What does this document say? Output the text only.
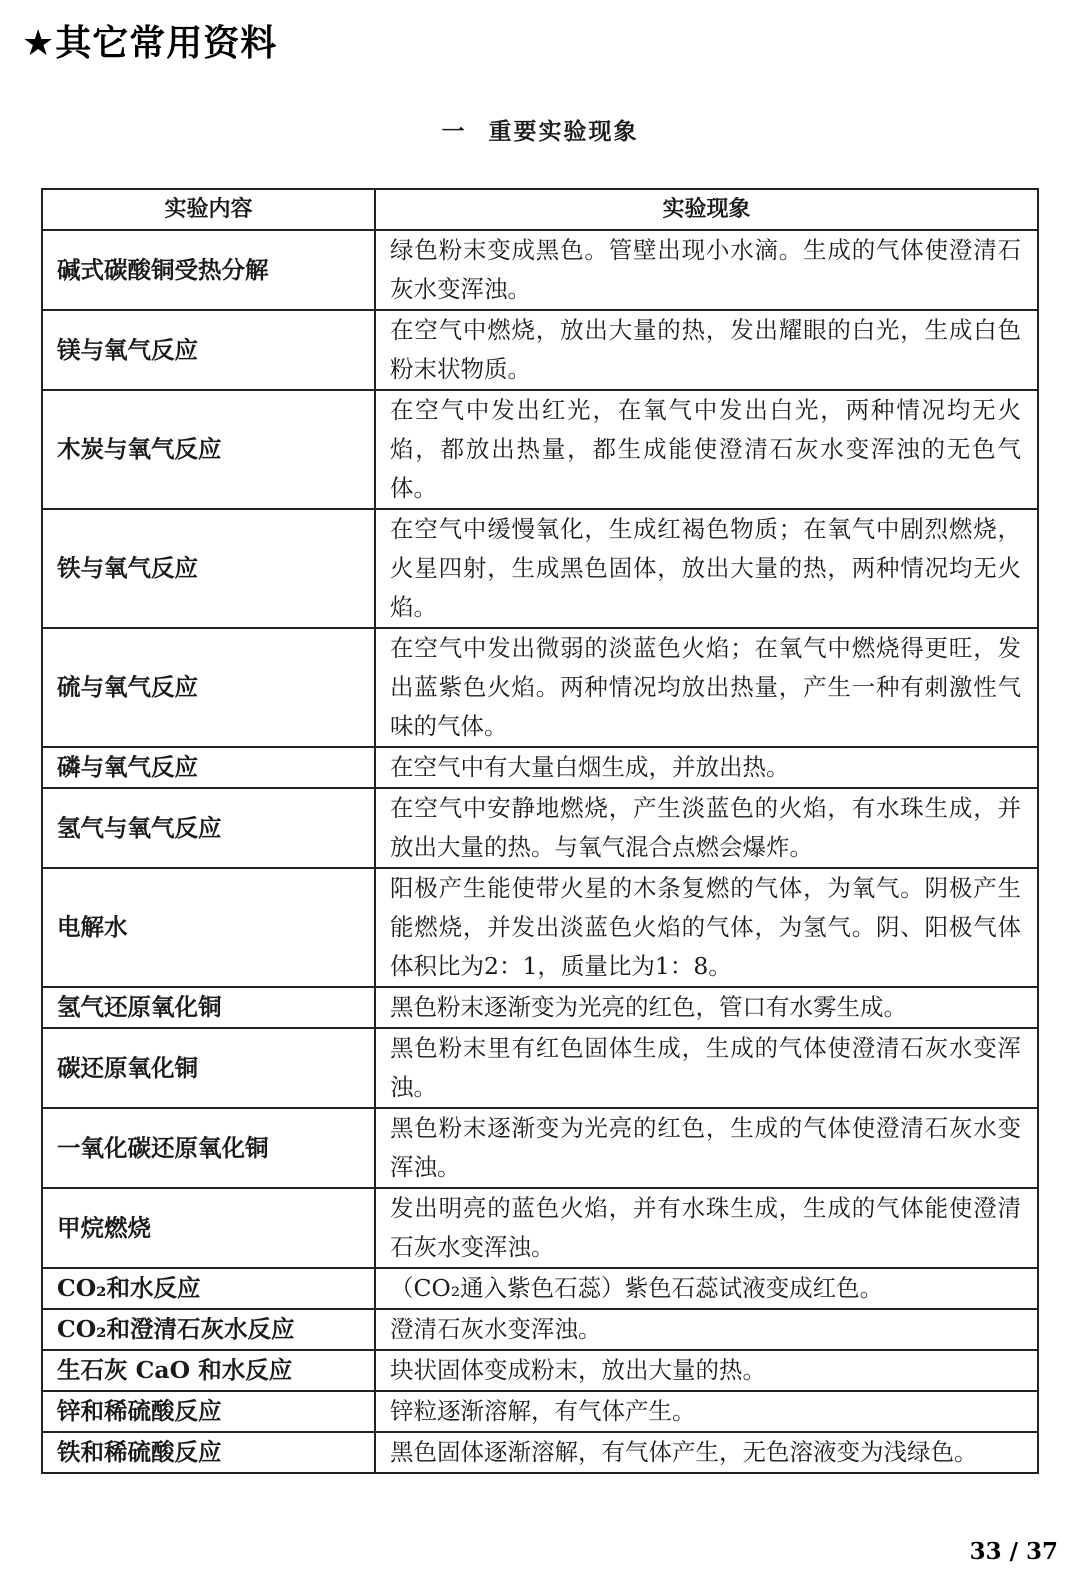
★其它常用资料
一 重要实验现象
实验内容	实验现象
碱式碳酸铜受热分解	绿色粉末变成黑色。管壁出现小水滴。生成的气体使澄清石灰水变浑浊。
镁与氧气反应	在空气中燃烧，放出大量的热，发出耀眼的白光，生成白色粉末状物质。
木炭与氧气反应	在空气中发出红光，在氧气中发出白光，两种情况均无火焰，都放出热量，都生成能使澄清石灰水变浑浊的无色气体。
铁与氧气反应	在空气中缓慢氧化，生成红褐色物质；在氧气中剧烈燃烧，火星四射，生成黑色固体，放出大量的热，两种情况均无火焰。
硫与氧气反应	在空气中发出微弱的淡蓝色火焰；在氧气中燃烧得更旺，发出蓝紫色火焰。两种情况均放出热量，产生一种有刺激性气味的气体。
磷与氧气反应	在空气中有大量白烟生成，并放出热。
氢气与氧气反应	在空气中安静地燃烧，产生淡蓝色的火焰，有水珠生成，并放出大量的热。与氧气混合点燃会爆炸。
电解水	阳极产生能使带火星的木条复燃的气体，为氧气。阴极产生能燃烧，并发出淡蓝色火焰的气体，为氢气。阴、阳极气体体积比为2：1，质量比为1：8。
氢气还原氧化铜	黑色粉末逐渐变为光亮的红色，管口有水雾生成。
碳还原氧化铜	黑色粉末里有红色固体生成，生成的气体使澄清石灰水变浑浊。
一氧化碳还原氧化铜	黑色粉末逐渐变为光亮的红色，生成的气体使澄清石灰水变浑浊。
甲烷燃烧	发出明亮的蓝色火焰，并有水珠生成，生成的气体能使澄清石灰水变浑浊。
CO₂和水反应	（CO₂通入紫色石蕊）紫色石蕊试液变成红色。
CO₂和澄清石灰水反应	澄清石灰水变浑浊。
生石灰 CaO 和水反应	块状固体变成粉末，放出大量的热。
锌和稀硫酸反应	锌粒逐渐溶解，有气体产生。
铁和稀硫酸反应	黑色固体逐渐溶解，有气体产生，无色溶液变为浅绿色。
33 / 37
